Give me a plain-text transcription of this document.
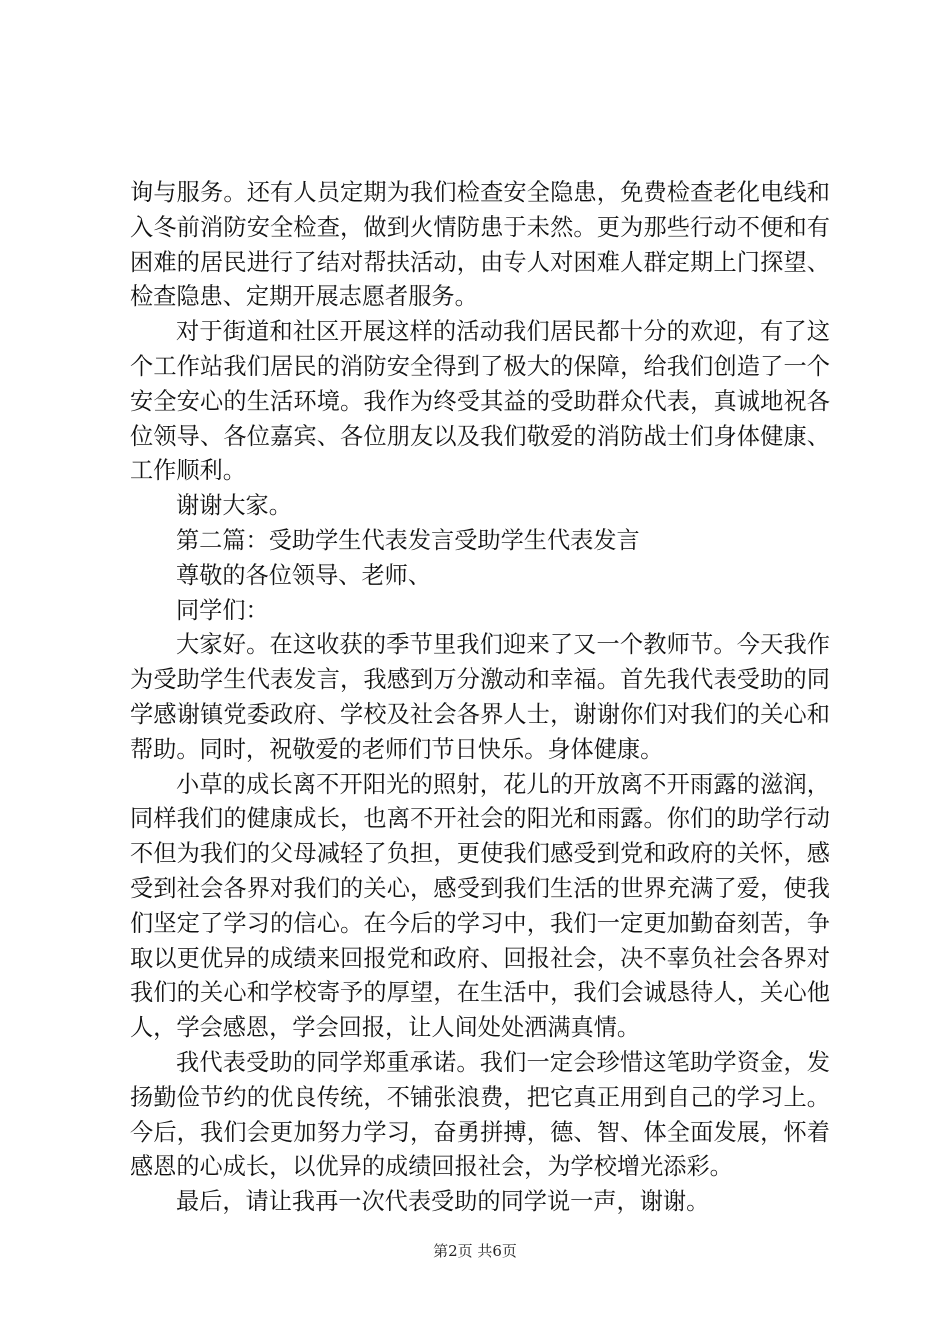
询与服务。还有人员定期为我们检查安全隐患，免费检查老化电线和入冬前消防安全检查，做到火情防患于未然。更为那些行动不便和有困难的居民进行了结对帮扶活动，由专人对困难人群定期上门探望、检查隐患、定期开展志愿者服务。

对于街道和社区开展这样的活动我们居民都十分的欢迎，有了这个工作站我们居民的消防安全得到了极大的保障，给我们创造了一个安全安心的生活环境。我作为终受其益的受助群众代表，真诚地祝各位领导、各位嘉宾、各位朋友以及我们敬爱的消防战士们身体健康、工作顺利。

谢谢大家。

第二篇：受助学生代表发言受助学生代表发言

尊敬的各位领导、老师、

同学们：

大家好。在这收获的季节里我们迎来了又一个教师节。今天我作为受助学生代表发言，我感到万分激动和幸福。首先我代表受助的同学感谢镇党委政府、学校及社会各界人士，谢谢你们对我们的关心和帮助。同时，祝敬爱的老师们节日快乐。身体健康。

小草的成长离不开阳光的照射，花儿的开放离不开雨露的滋润，同样我们的健康成长，也离不开社会的阳光和雨露。你们的助学行动不但为我们的父母减轻了负担，更使我们感受到党和政府的关怀，感受到社会各界对我们的关心，感受到我们生活的世界充满了爱，使我们坚定了学习的信心。在今后的学习中，我们一定更加勤奋刻苦，争取以更优异的成绩来回报党和政府、回报社会，决不辜负社会各界对我们的关心和学校寄予的厚望，在生活中，我们会诚恳待人，关心他人，学会感恩，学会回报，让人间处处洒满真情。

我代表受助的同学郑重承诺。我们一定会珍惜这笔助学资金，发扬勤俭节约的优良传统，不铺张浪费，把它真正用到自己的学习上。今后，我们会更加努力学习，奋勇拼搏，德、智、体全面发展，怀着感恩的心成长，以优异的成绩回报社会，为学校增光添彩。

最后，请让我再一次代表受助的同学说一声，谢谢。

第2页 共6页
